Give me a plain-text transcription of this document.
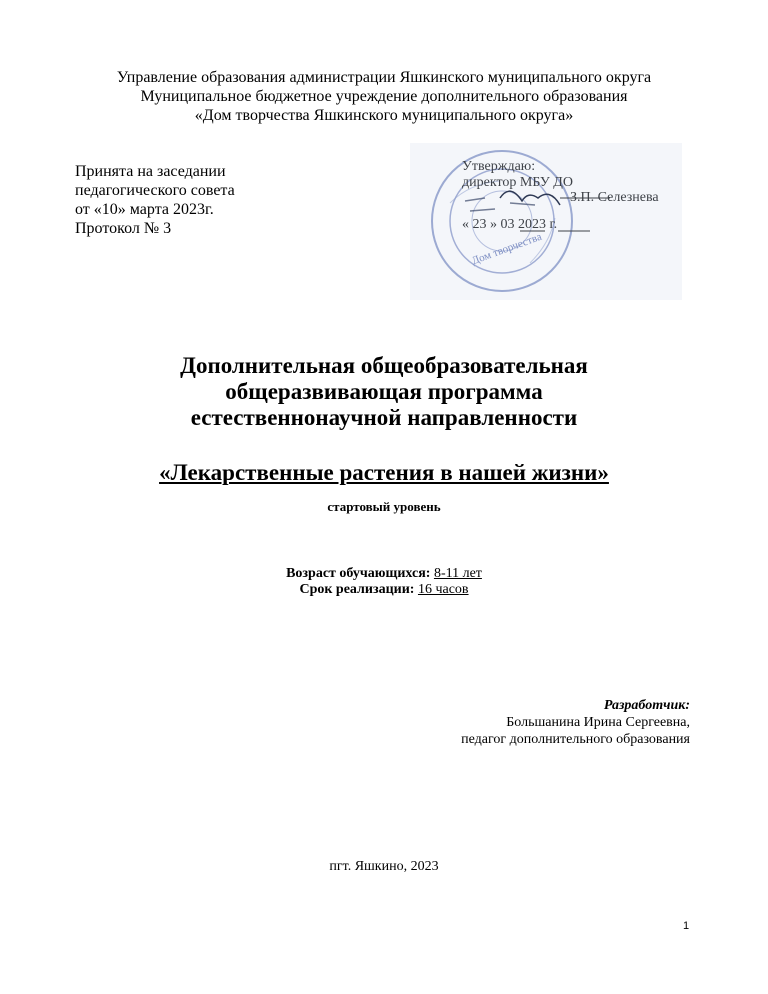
Управление образования администрации Яшкинского муниципального округа
Муниципальное бюджетное учреждение дополнительного образования
«Дом творчества Яшкинского муниципального округа»
Принята на заседании
педагогического совета
от «10» марта 2023г.
Протокол № 3
Утверждаю:
директор МБУ ДО
З.П. Селезнева
« 23 » 03 2023 г.
Дом творчества
Дополнительная общеобразовательная
общеразвивающая программа
естественнонаучной направленности
«Лекарственные растения в нашей жизни»
стартовый уровень
Возраст обучающихся: 8-11 лет
Срок реализации: 16 часов
Разработчик:
Большанина Ирина Сергеевна,
педагог дополнительного образования
пгт. Яшкино, 2023
1
